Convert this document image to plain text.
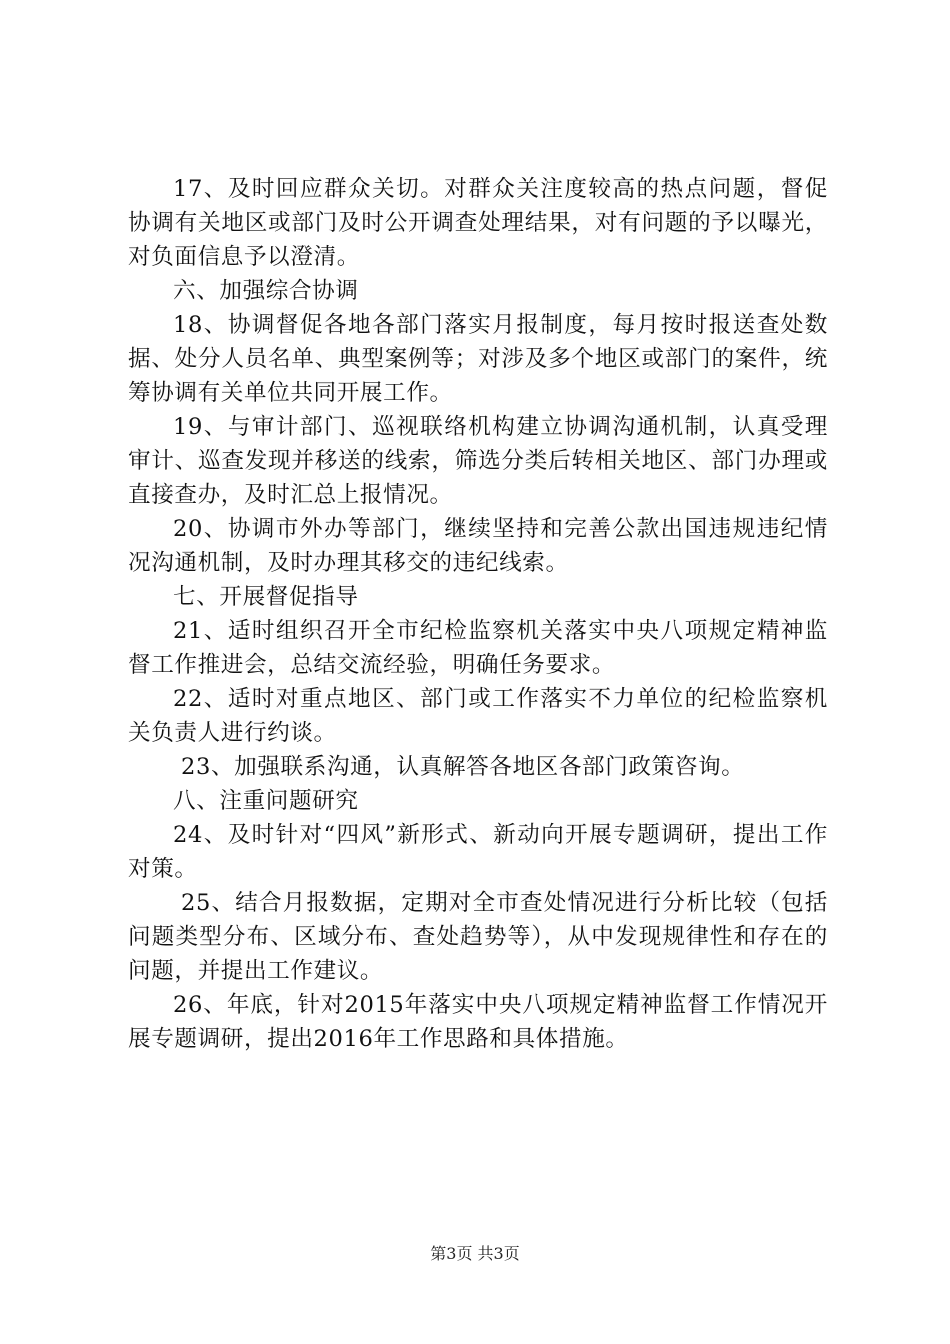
17、及时回应群众关切。对群众关注度较高的热点问题，督促协调有关地区或部门及时公开调查处理结果，对有问题的予以曝光，对负面信息予以澄清。

六、加强综合协调

18、协调督促各地各部门落实月报制度，每月按时报送查处数据、处分人员名单、典型案例等；对涉及多个地区或部门的案件，统筹协调有关单位共同开展工作。

19、与审计部门、巡视联络机构建立协调沟通机制，认真受理审计、巡查发现并移送的线索，筛选分类后转相关地区、部门办理或直接查办，及时汇总上报情况。

20、协调市外办等部门，继续坚持和完善公款出国违规违纪情况沟通机制，及时办理其移交的违纪线索。

七、开展督促指导

21、适时组织召开全市纪检监察机关落实中央八项规定精神监督工作推进会，总结交流经验，明确任务要求。

22、适时对重点地区、部门或工作落实不力单位的纪检监察机关负责人进行约谈。

23、加强联系沟通，认真解答各地区各部门政策咨询。

八、注重问题研究

24、及时针对“四风”新形式、新动向开展专题调研，提出工作对策。

25、结合月报数据，定期对全市查处情况进行分析比较（包括问题类型分布、区域分布、查处趋势等），从中发现规律性和存在的问题，并提出工作建议。

26、年底，针对2015年落实中央八项规定精神监督工作情况开展专题调研，提出2016年工作思路和具体措施。

第3页 共3页
